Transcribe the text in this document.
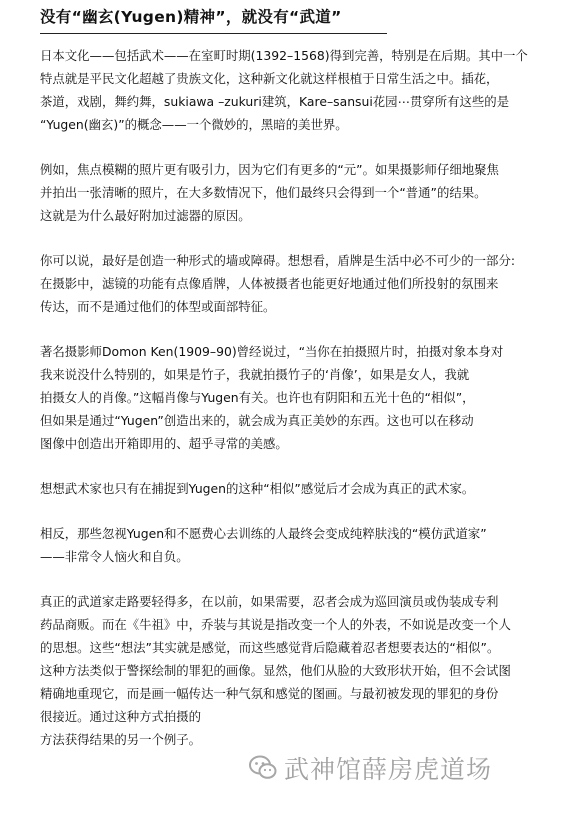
没有“幽玄(Yugen)精神”，就没有“武道”
日本文化——包括武术——在室町时期(1392–1568)得到完善，特别是在后期。其中一个
特点就是平民文化超越了贵族文化，这种新文化就这样根植于日常生活之中。插花，
茶道，戏剧，舞约舞，sukiawa –zukuri建筑，Kare–sansui花园⋯贯穿所有这些的是
“Yugen(幽玄)”的概念——一个微妙的，黑暗的美世界。
例如，焦点模糊的照片更有吸引力，因为它们有更多的“元”。如果摄影师仔细地聚焦
并拍出一张清晰的照片，在大多数情况下，他们最终只会得到一个“普通”的结果。
这就是为什么最好附加过滤器的原因。
你可以说，最好是创造一种形式的墙或障碍。想想看，盾牌是生活中必不可少的一部分:
在摄影中，滤镜的功能有点像盾牌，人体被摄者也能更好地通过他们所投射的氛围来
传达，而不是通过他们的体型或面部特征。
著名摄影师Domon Ken(1909–90)曾经说过，“当你在拍摄照片时，拍摄对象本身对
我来说没什么特别的，如果是竹子，我就拍摄竹子的‘肖像’，如果是女人，我就
拍摄女人的肖像。”这幅肖像与Yugen有关。也许也有阴阳和五光十色的“相似”，
但如果是通过“Yugen”创造出来的，就会成为真正美妙的东西。这也可以在移动
图像中创造出开箱即用的、超乎寻常的美感。
想想武术家也只有在捕捉到Yugen的这种“相似”感觉后才会成为真正的武术家。
相反，那些忽视Yugen和不愿费心去训练的人最终会变成纯粹肤浅的“模仿武道家”
——非常令人恼火和自负。
真正的武道家走路要轻得多，在以前，如果需要，忍者会成为巡回演员或伪装成专利
药品商贩。而在《牛祖》中，乔装与其说是指改变一个人的外表，不如说是改变一个人
的思想。这些“想法”其实就是感觉，而这些感觉背后隐藏着忍者想要表达的“相似”。
这种方法类似于警探绘制的罪犯的画像。显然，他们从脸的大致形状开始，但不会试图
精确地重现它，而是画一幅传达一种气氛和感觉的图画。与最初被发现的罪犯的身份
很接近。通过这种方式拍摄的
方法获得结果的另一个例子。
武神馆薛房虎道场
